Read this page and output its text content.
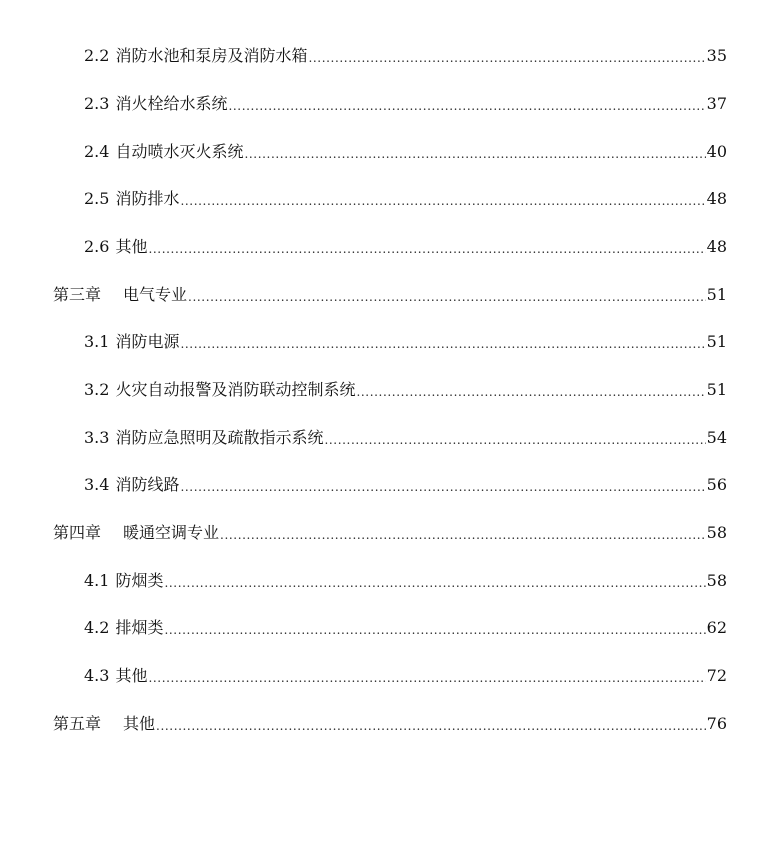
2.2 消防水池和泵房及消防水箱 .....	35
2.3 消火栓给水系统 .....	37
2.4 自动喷水灭火系统 .....	40
2.5 消防排水 .....	48
2.6 其他 .....	48
第三章 电气专业 .....	51
3.1 消防电源 .....	51
3.2 火灾自动报警及消防联动控制系统 .....	51
3.3 消防应急照明及疏散指示系统 .....	54
3.4 消防线路 .....	56
第四章 暖通空调专业 .....	58
4.1 防烟类 .....	58
4.2 排烟类 .....	62
4.3 其他 .....	72
第五章 其他 .....	76
